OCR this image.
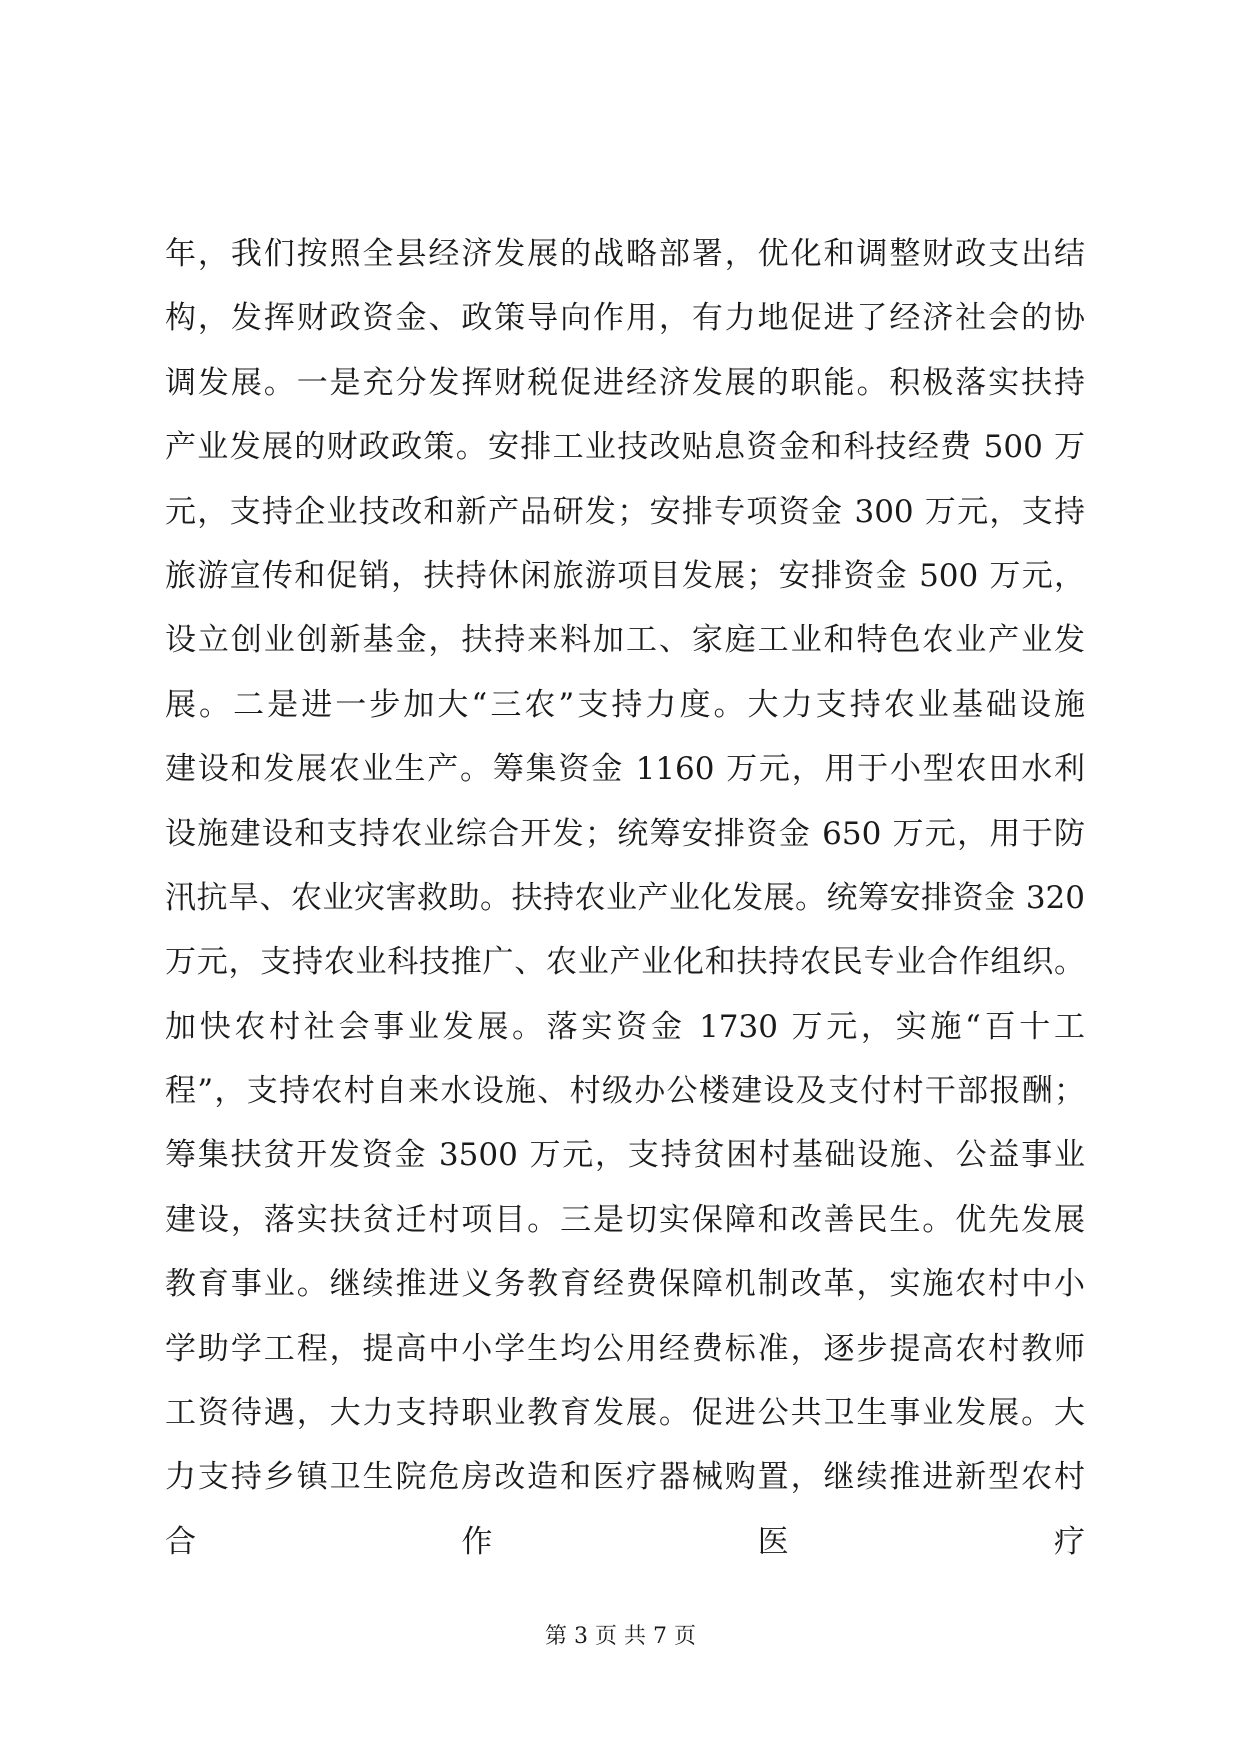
年，我们按照全县经济发展的战略部署，优化和调整财政支出结
构，发挥财政资金、政策导向作用，有力地促进了经济社会的协
调发展。一是充分发挥财税促进经济发展的职能。积极落实扶持
产业发展的财政政策。安排工业技改贴息资金和科技经费 500 万
元，支持企业技改和新产品研发；安排专项资金 300 万元，支持
旅游宣传和促销，扶持休闲旅游项目发展；安排资金 500 万元，
设立创业创新基金，扶持来料加工、家庭工业和特色农业产业发
展。二是进一步加大“三农”支持力度。大力支持农业基础设施
建设和发展农业生产。筹集资金 1160 万元，用于小型农田水利
设施建设和支持农业综合开发；统筹安排资金 650 万元，用于防
汛抗旱、农业灾害救助。扶持农业产业化发展。统筹安排资金 320
万元，支持农业科技推广、农业产业化和扶持农民专业合作组织。
加快农村社会事业发展。落实资金 1730 万元，实施“百十工
程”，支持农村自来水设施、村级办公楼建设及支付村干部报酬；
筹集扶贫开发资金 3500 万元，支持贫困村基础设施、公益事业
建设，落实扶贫迁村项目。三是切实保障和改善民生。优先发展
教育事业。继续推进义务教育经费保障机制改革，实施农村中小
学助学工程，提高中小学生均公用经费标准，逐步提高农村教师
工资待遇，大力支持职业教育发展。促进公共卫生事业发展。大
力支持乡镇卫生院危房改造和医疗器械购置，继续推进新型农村
合　作　医　疗
第 3 页 共 7 页
